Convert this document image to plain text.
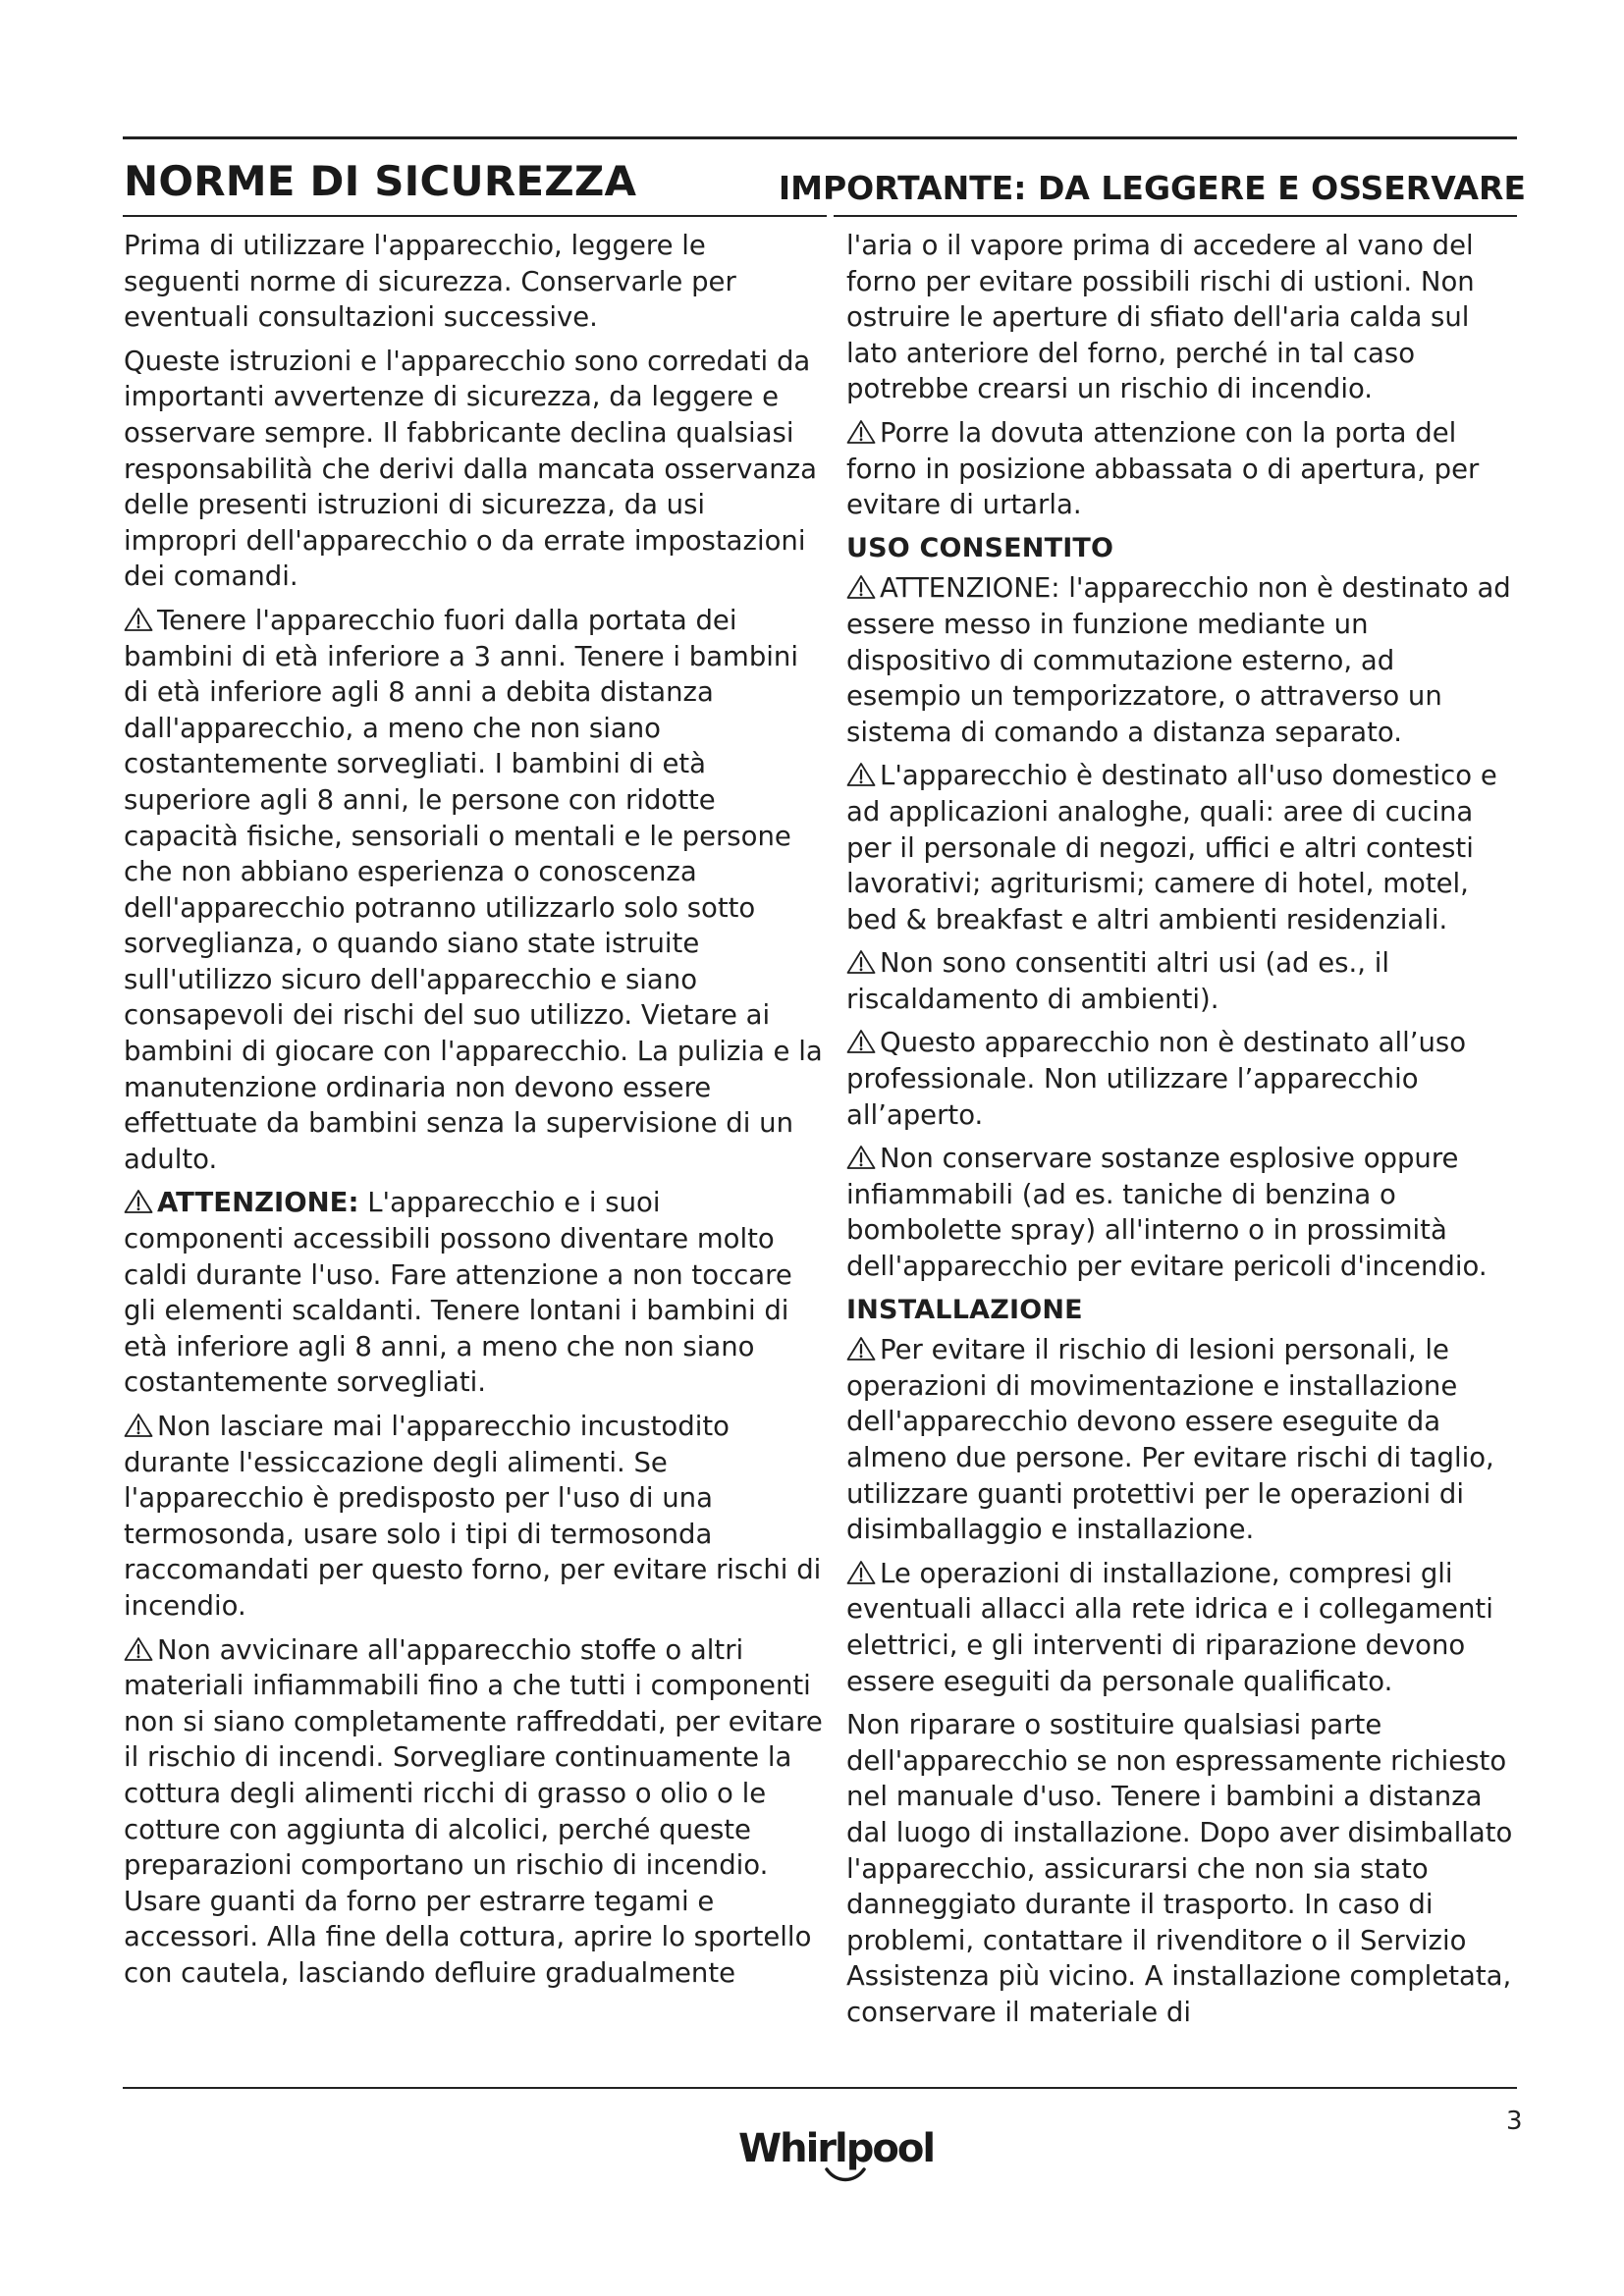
NORME DI SICUREZZA	IMPORTANTE: DA LEGGERE E OSSERVARE

Prima di utilizzare l'apparecchio, leggere le seguenti norme di sicurezza. Conservarle per eventuali consultazioni successive.

Queste istruzioni e l'apparecchio sono corredati da importanti avvertenze di sicurezza, da leggere e osservare sempre. Il fabbricante declina qualsiasi responsabilità che derivi dalla mancata osservanza delle presenti istruzioni di sicurezza, da usi impropri dell'apparecchio o da errate impostazioni dei comandi.

Tenere l'apparecchio fuori dalla portata dei bambini di età inferiore a 3 anni. Tenere i bambini di età inferiore agli 8 anni a debita distanza dall'apparecchio, a meno che non siano costantemente sorvegliati. I bambini di età superiore agli 8 anni, le persone con ridotte capacità fisiche, sensoriali o mentali e le persone che non abbiano esperienza o conoscenza dell'apparecchio potranno utilizzarlo solo sotto sorveglianza, o quando siano state istruite sull'utilizzo sicuro dell'apparecchio e siano consapevoli dei rischi del suo utilizzo. Vietare ai bambini di giocare con l'apparecchio. La pulizia e la manutenzione ordinaria non devono essere effettuate da bambini senza la supervisione di un adulto.

ATTENZIONE: L'apparecchio e i suoi componenti accessibili possono diventare molto caldi durante l'uso. Fare attenzione a non toccare gli elementi scaldanti. Tenere lontani i bambini di età inferiore agli 8 anni, a meno che non siano costantemente sorvegliati.

Non lasciare mai l'apparecchio incustodito durante l'essiccazione degli alimenti. Se l'apparecchio è predisposto per l'uso di una termosonda, usare solo i tipi di termosonda raccomandati per questo forno, per evitare rischi di incendio.

Non avvicinare all'apparecchio stoffe o altri materiali infiammabili fino a che tutti i componenti non si siano completamente raffreddati, per evitare il rischio di incendi. Sorvegliare continuamente la cottura degli alimenti ricchi di grasso o olio o le cotture con aggiunta di alcolici, perché queste preparazioni comportano un rischio di incendio. Usare guanti da forno per estrarre tegami e accessori. Alla fine della cottura, aprire lo sportello con cautela, lasciando defluire gradualmente

l'aria o il vapore prima di accedere al vano del forno per evitare possibili rischi di ustioni. Non ostruire le aperture di sfiato dell'aria calda sul lato anteriore del forno, perché in tal caso potrebbe crearsi un rischio di incendio.

Porre la dovuta attenzione con la porta del forno in posizione abbassata o di apertura, per evitare di urtarla.

USO CONSENTITO

ATTENZIONE: l'apparecchio non è destinato ad essere messo in funzione mediante un dispositivo di commutazione esterno, ad esempio un temporizzatore, o attraverso un sistema di comando a distanza separato.

L'apparecchio è destinato all'uso domestico e ad applicazioni analoghe, quali: aree di cucina per il personale di negozi, uffici e altri contesti lavorativi; agriturismi; camere di hotel, motel, bed & breakfast e altri ambienti residenziali.

Non sono consentiti altri usi (ad es., il riscaldamento di ambienti).

Questo apparecchio non è destinato all’uso professionale. Non utilizzare l’apparecchio all’aperto.

Non conservare sostanze esplosive oppure infiammabili (ad es. taniche di benzina o bombolette spray) all'interno o in prossimità dell'apparecchio per evitare pericoli d'incendio.

INSTALLAZIONE

Per evitare il rischio di lesioni personali, le operazioni di movimentazione e installazione dell'apparecchio devono essere eseguite da almeno due persone. Per evitare rischi di taglio, utilizzare guanti protettivi per le operazioni di disimballaggio e installazione.

Le operazioni di installazione, compresi gli eventuali allacci alla rete idrica e i collegamenti elettrici, e gli interventi di riparazione devono essere eseguiti da personale qualificato.

Non riparare o sostituire qualsiasi parte dell'apparecchio se non espressamente richiesto nel manuale d'uso. Tenere i bambini a distanza dal luogo di installazione. Dopo aver disimballato l'apparecchio, assicurarsi che non sia stato danneggiato durante il trasporto. In caso di problemi, contattare il rivenditore o il Servizio Assistenza più vicino. A installazione completata, conservare il materiale di

3
Whirlpool
